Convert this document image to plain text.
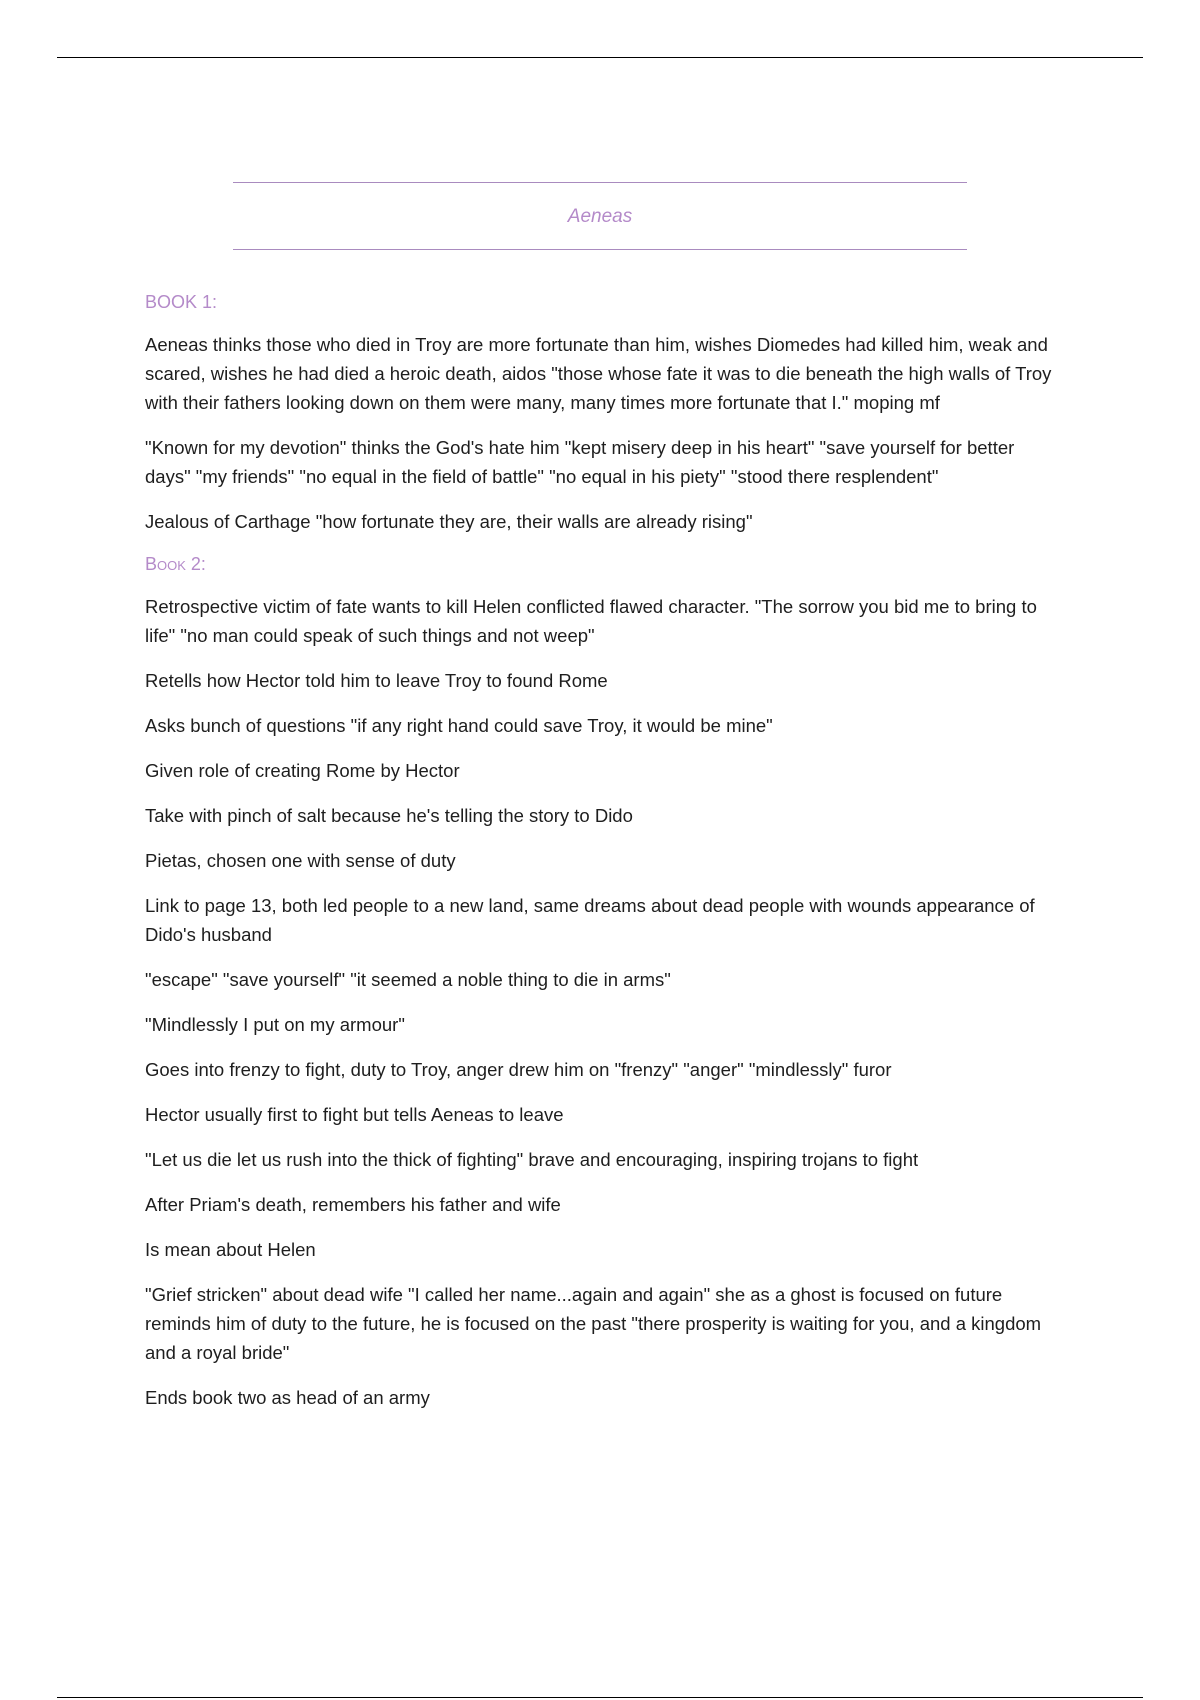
Aeneas
BOOK 1:

Aeneas thinks those who died in Troy are more fortunate than him, wishes Diomedes had killed him, weak and scared, wishes he had died a heroic death, aidos "those whose fate it was to die beneath the high walls of Troy with their fathers looking down on them were many, many times more fortunate that I." moping mf

"Known for my devotion" thinks the God's hate him "kept misery deep in his heart" "save yourself for better days" "my friends" "no equal in the field of battle" "no equal in his piety" "stood there resplendent"

Jealous of Carthage "how fortunate they are, their walls are already rising"

Book 2:

Retrospective victim of fate wants to kill Helen conflicted flawed character. "The sorrow you bid me to bring to life" "no man could speak of such things and not weep"

Retells how Hector told him to leave Troy to found Rome

Asks bunch of questions "if any right hand could save Troy, it would be mine"

Given role of creating Rome by Hector

Take with pinch of salt because he's telling the story to Dido

Pietas, chosen one with sense of duty

Link to page 13, both led people to a new land, same dreams about dead people with wounds appearance of Dido's husband

"escape" "save yourself" "it seemed a noble thing to die in arms"

"Mindlessly I put on my armour"

Goes into frenzy to fight, duty to Troy, anger drew him on "frenzy" "anger" "mindlessly" furor

Hector usually first to fight but tells Aeneas to leave

"Let us die let us rush into the thick of fighting" brave and encouraging, inspiring trojans to fight

After Priam's death, remembers his father and wife

Is mean about Helen

"Grief stricken" about dead wife "I called her name...again and again" she as a ghost is focused on future reminds him of duty to the future, he is focused on the past "there prosperity is waiting for you, and a kingdom and a royal bride"

Ends book two as head of an army
